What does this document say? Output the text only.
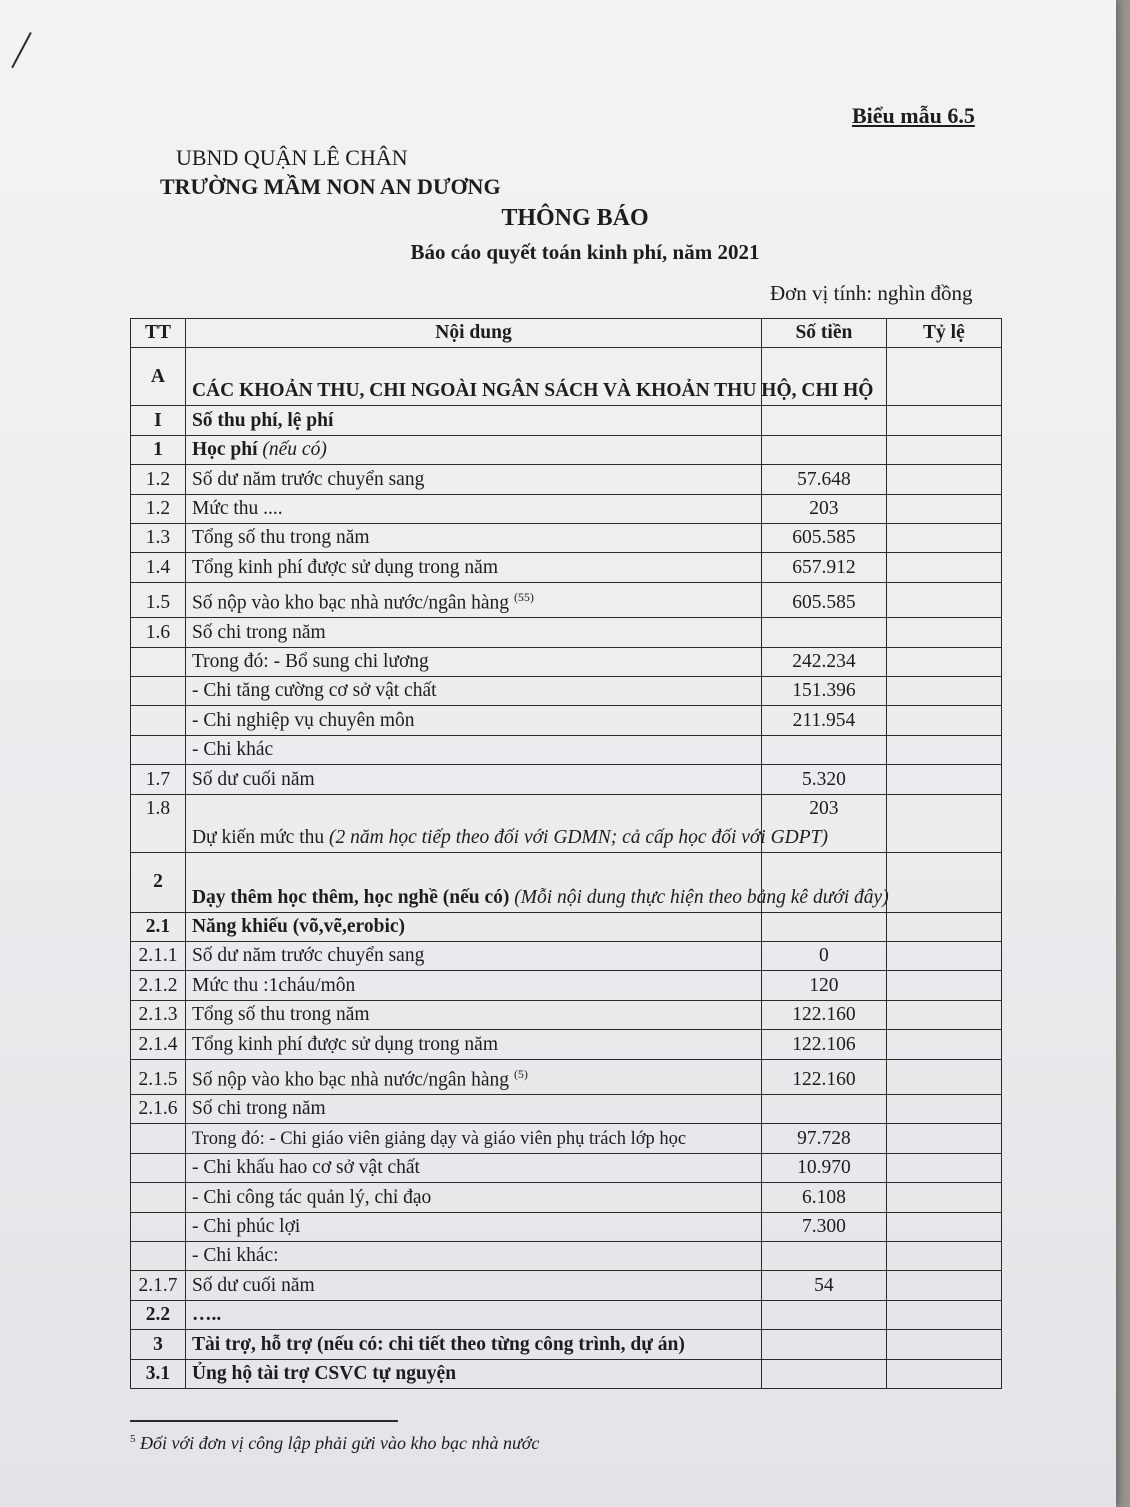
Biểu mẫu 6.5
UBND QUẬN LÊ CHÂN
TRƯỜNG MẦM NON AN DƯƠNG
THÔNG BÁO
Báo cáo quyết toán kinh phí, năm 2021
Đơn vị tính: nghìn đồng
TT	Nội dung	Số tiền	Tỷ lệ
A	CÁC KHOẢN THU, CHI NGOÀI NGÂN SÁCH VÀ KHOẢN THU HỘ, CHI HỘ		
I	Số thu phí, lệ phí		
1	Học phí (nếu có)		
1.2	Số dư năm trước chuyển sang	57.648	
1.2	Mức thu ....	203	
1.3	Tổng số thu trong năm	605.585	
1.4	Tổng kinh phí được sử dụng trong năm	657.912	
1.5	Số nộp vào kho bạc nhà nước/ngân hàng $^{(55)}$	605.585	
1.6	Số chi trong năm		
	Trong đó: - Bổ sung chi lương	242.234	
	- Chi tăng cường cơ sở vật chất	151.396	
	- Chi nghiệp vụ chuyên môn	211.954	
	- Chi khác		
1.7	Số dư cuối năm	5.320	
1.8	Dự kiến mức thu (2 năm học tiếp theo đối với GDMN; cả cấp học đối với GDPT)	203	
2	Dạy thêm học thêm, học nghề (nếu có) (Mỗi nội dung thực hiện theo bảng kê dưới đây)		
2.1	Năng khiếu (võ,vẽ,erobic)		
2.1.1	Số dư năm trước chuyển sang	0	
2.1.2	Mức thu :1cháu/môn	120	
2.1.3	Tổng số thu trong năm	122.160	
2.1.4	Tổng kinh phí được sử dụng trong năm	122.106	
2.1.5	Số nộp vào kho bạc nhà nước/ngân hàng $^{(5)}$	122.160	
2.1.6	Số chi trong năm		
	Trong đó: - Chi giáo viên giảng dạy và giáo viên phụ trách lớp học	97.728	
	- Chi khấu hao cơ sở vật chất	10.970	
	- Chi công tác quản lý, chỉ đạo	6.108	
	- Chi phúc lợi	7.300	
	- Chi khác:		
2.1.7	Số dư cuối năm	54	
2.2	…..		
3	Tài trợ, hỗ trợ (nếu có: chi tiết theo từng công trình, dự án)		
3.1	Ủng hộ tài trợ CSVC tự nguyện		
$^5$ Đối với đơn vị công lập phải gửi vào kho bạc nhà nước
